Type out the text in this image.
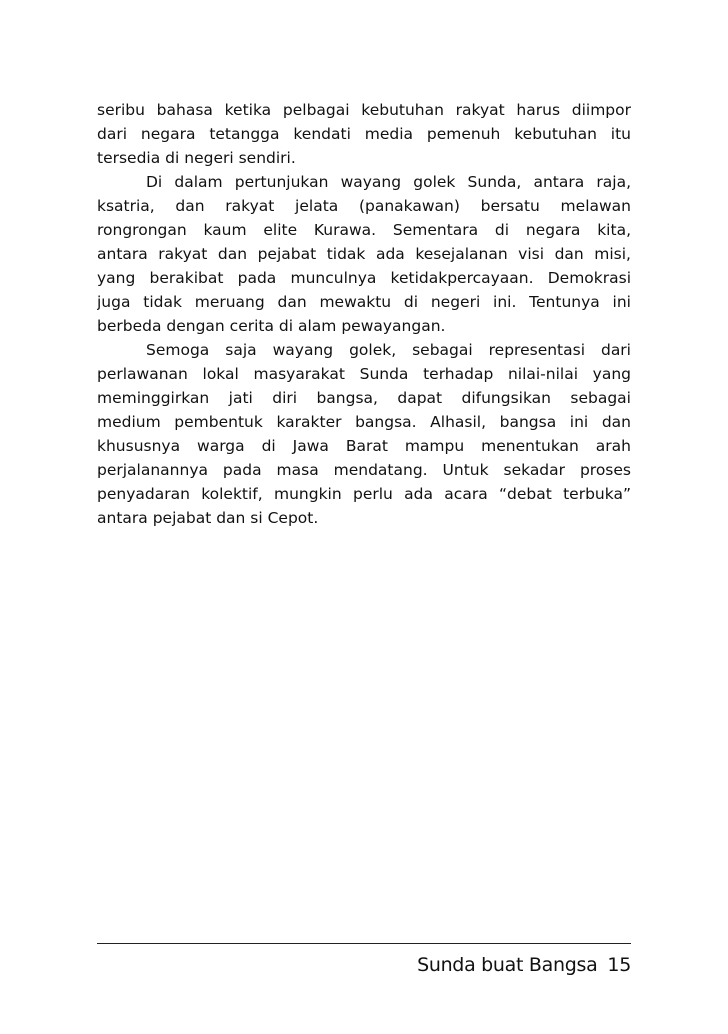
seribu bahasa ketika pelbagai kebutuhan rakyat harus diimpor
dari negara tetangga kendati media pemenuh kebutuhan itu
tersedia di negeri sendiri.
Di dalam pertunjukan wayang golek Sunda, antara raja,
ksatria, dan rakyat jelata (panakawan) bersatu melawan
rongrongan kaum elite Kurawa. Sementara di negara kita,
antara rakyat dan pejabat tidak ada kesejalanan visi dan misi,
yang berakibat pada munculnya ketidakpercayaan. Demokrasi
juga tidak meruang dan mewaktu di negeri ini. Tentunya ini
berbeda dengan cerita di alam pewayangan.
Semoga saja wayang golek, sebagai representasi dari
perlawanan lokal masyarakat Sunda terhadap nilai-nilai yang
meminggirkan jati diri bangsa, dapat difungsikan sebagai
medium pembentuk karakter bangsa. Alhasil, bangsa ini dan
khususnya warga di Jawa Barat mampu menentukan arah
perjalanannya pada masa mendatang. Untuk sekadar proses
penyadaran kolektif, mungkin perlu ada acara “debat terbuka”
antara pejabat dan si Cepot.
Sunda buat Bangsa 15
